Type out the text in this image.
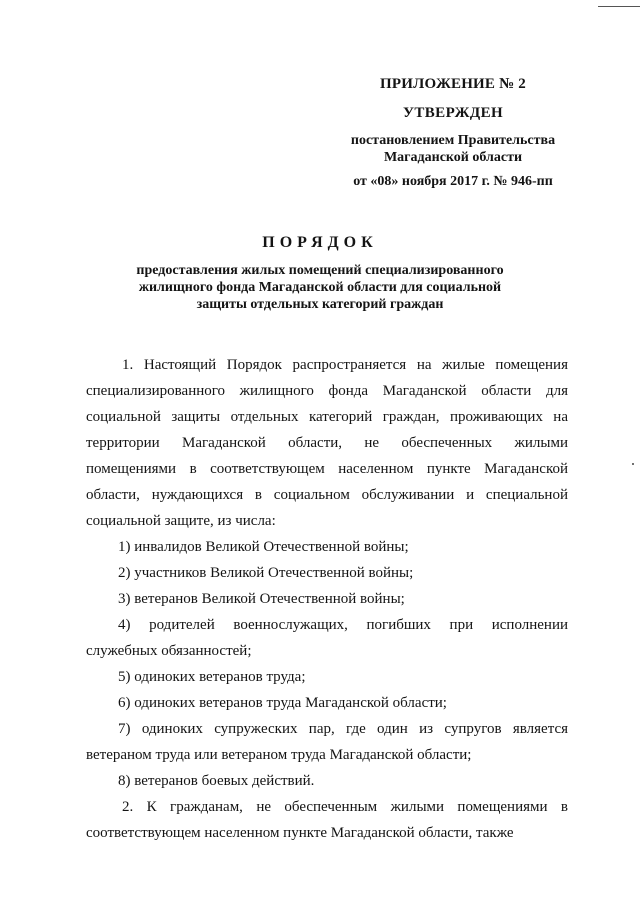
ПРИЛОЖЕНИЕ № 2
УТВЕРЖДЕН
постановлением Правительства
Магаданской области
от «08» ноября 2017 г. № 946-пп
ПОРЯДОК
предоставления жилых помещений специализированного
жилищного фонда Магаданской области для социальной
защиты отдельных категорий граждан

1. Настоящий Порядок распространяется на жилые помещения специализированного жилищного фонда Магаданской области для социальной защиты отдельных категорий граждан, проживающих на территории Магаданской области, не обеспеченных жилыми помещениями в соответствующем населенном пункте Магаданской области, нуждающихся в социальном обслуживании и специальной социальной защите, из числа:

1) инвалидов Великой Отечественной войны;

2) участников Великой Отечественной войны;

3) ветеранов Великой Отечественной войны;

4) родителей военнослужащих, погибших при исполнении служебных обязанностей;

5) одиноких ветеранов труда;

6) одиноких ветеранов труда Магаданской области;

7) одиноких супружеских пар, где один из супругов является ветераном труда или ветераном труда Магаданской области;

8) ветеранов боевых действий.

2. К гражданам, не обеспеченным жилыми помещениями в соответствующем населенном пункте Магаданской области, также
